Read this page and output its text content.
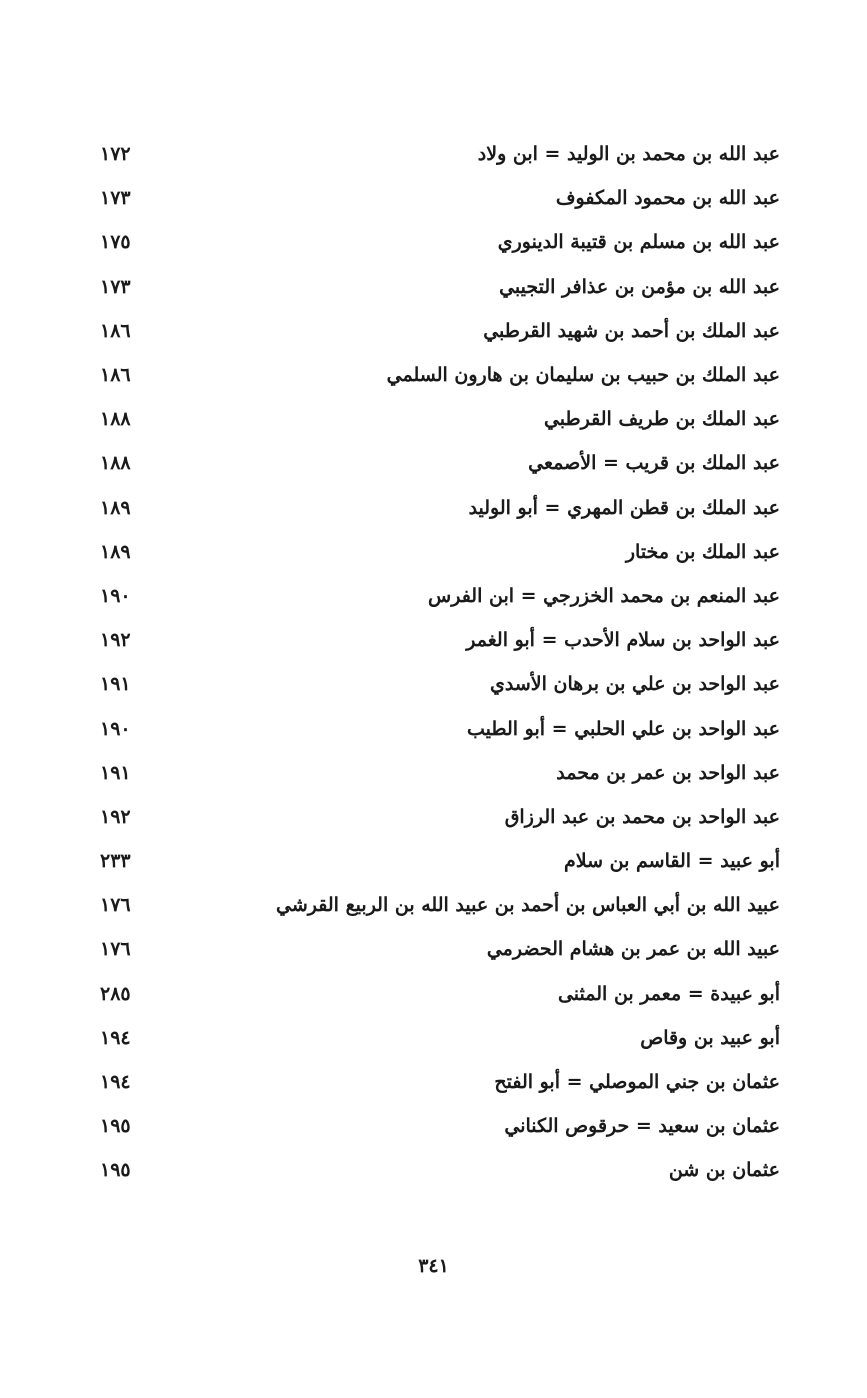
عبد الله بن محمد بن الوليد = ابن ولاد
١٧٢
عبد الله بن محمود المكفوف
١٧٣
عبد الله بن مسلم بن قتيبة الدينوري
١٧٥
عبد الله بن مؤمن بن عذافر التجيبي
١٧٣
عبد الملك بن أحمد بن شهيد القرطبي
١٨٦
عبد الملك بن حبيب بن سليمان بن هارون السلمي
١٨٦
عبد الملك بن طريف القرطبي
١٨٨
عبد الملك بن قريب = الأصمعي
١٨٨
عبد الملك بن قطن المهري = أبو الوليد
١٨٩
عبد الملك بن مختار
١٨٩
عبد المنعم بن محمد الخزرجي = ابن الفرس
١٩٠
عبد الواحد بن سلام الأحدب = أبو الغمر
١٩٢
عبد الواحد بن علي بن برهان الأسدي
١٩١
عبد الواحد بن علي الحلبي = أبو الطيب
١٩٠
عبد الواحد بن عمر بن محمد
١٩١
عبد الواحد بن محمد بن عبد الرزاق
١٩٢
أبو عبيد = القاسم بن سلام
٢٣٣
عبيد الله بن أبي العباس بن أحمد بن عبيد الله بن الربيع القرشي
١٧٦
عبيد الله بن عمر بن هشام الحضرمي
١٧٦
أبو عبيدة = معمر بن المثنى
٢٨٥
أبو عبيد بن وقاص
١٩٤
عثمان بن جني الموصلي = أبو الفتح
١٩٤
عثمان بن سعيد = حرقوص الكناني
١٩٥
عثمان بن شن
١٩٥
٣٤١
